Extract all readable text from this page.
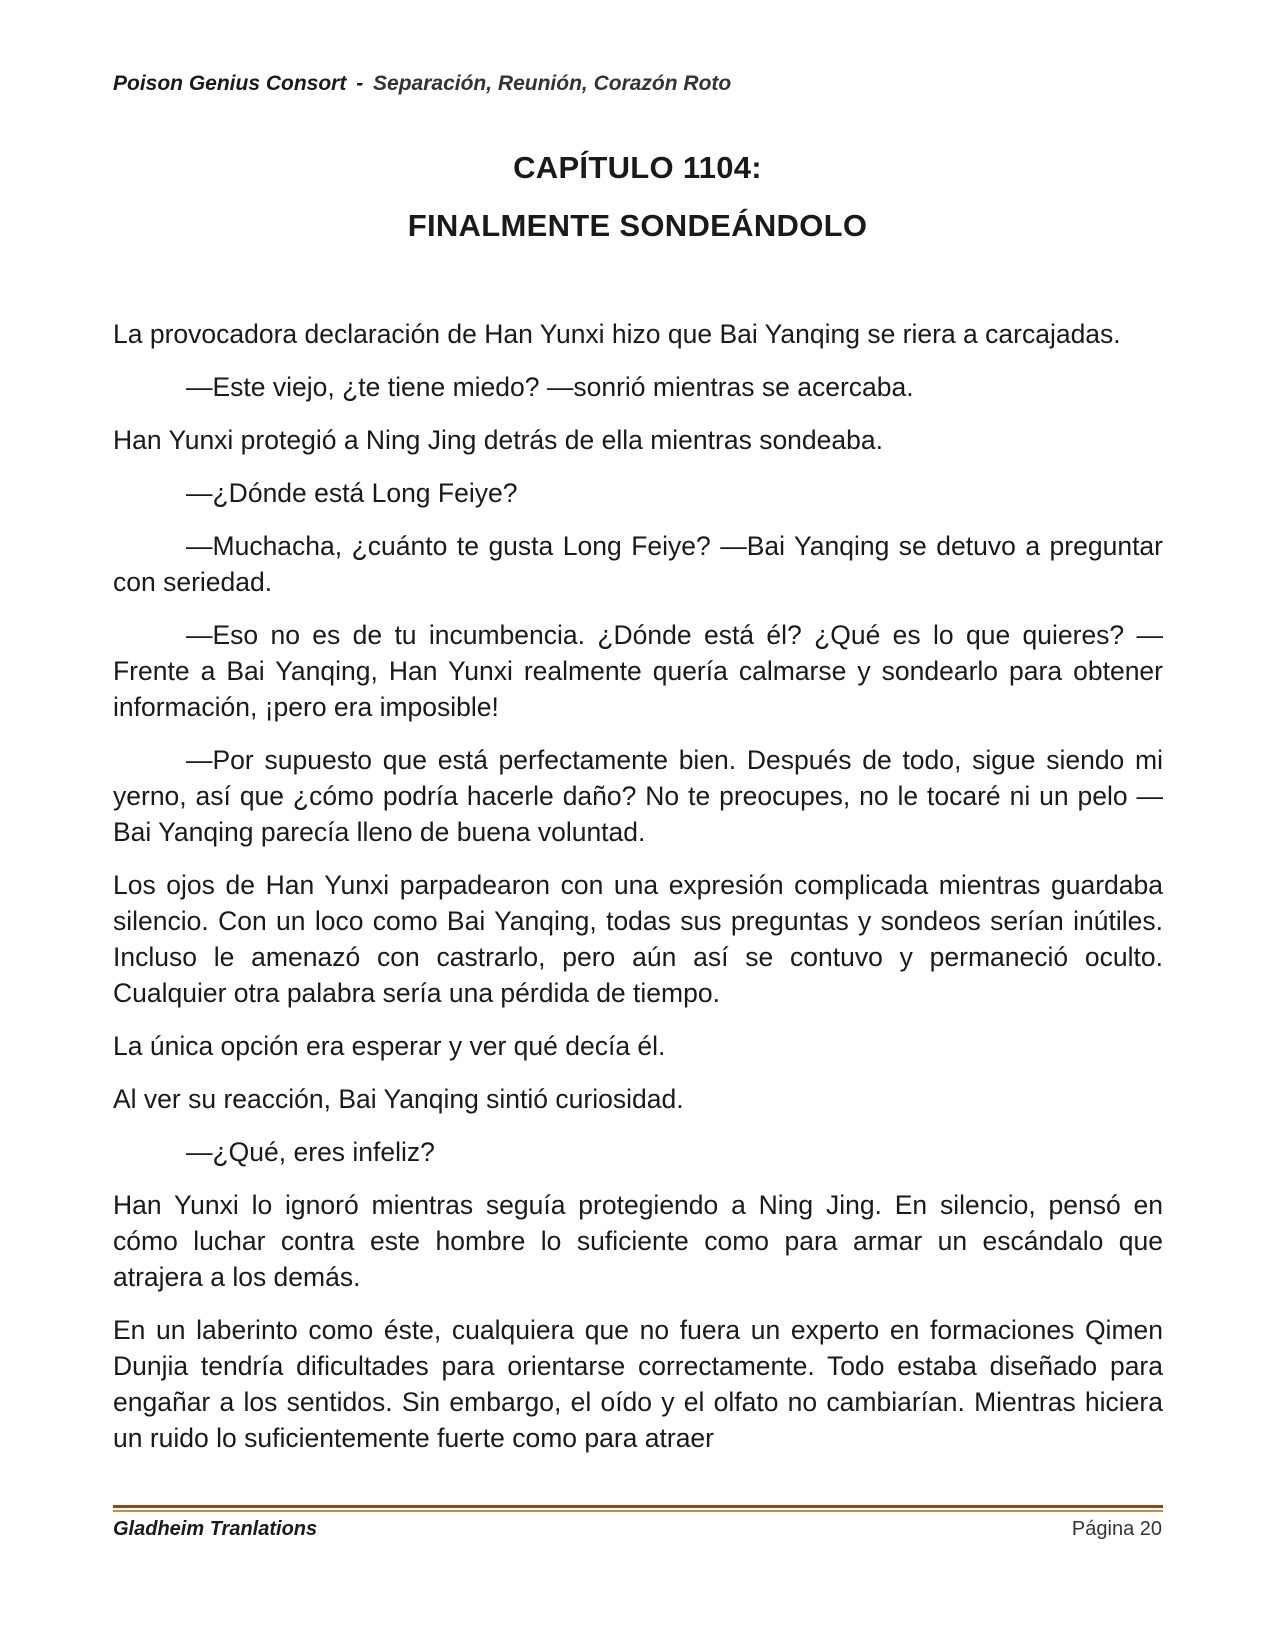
Poison Genius Consort - Separación, Reunión, Corazón Roto
CAPÍTULO 1104:
FINALMENTE SONDEÁNDOLO

La provocadora declaración de Han Yunxi hizo que Bai Yanqing se riera a carcajadas.

—Este viejo, ¿te tiene miedo? —sonrió mientras se acercaba.

Han Yunxi protegió a Ning Jing detrás de ella mientras sondeaba.

—¿Dónde está Long Feiye?

—Muchacha, ¿cuánto te gusta Long Feiye? —Bai Yanqing se detuvo a preguntar con seriedad.

—Eso no es de tu incumbencia. ¿Dónde está él? ¿Qué es lo que quieres? —Frente a Bai Yanqing, Han Yunxi realmente quería calmarse y sondearlo para obtener información, ¡pero era imposible!

—Por supuesto que está perfectamente bien. Después de todo, sigue siendo mi yerno, así que ¿cómo podría hacerle daño? No te preocupes, no le tocaré ni un pelo —Bai Yanqing parecía lleno de buena voluntad.

Los ojos de Han Yunxi parpadearon con una expresión complicada mientras guardaba silencio. Con un loco como Bai Yanqing, todas sus preguntas y sondeos serían inútiles. Incluso le amenazó con castrarlo, pero aún así se contuvo y permaneció oculto. Cualquier otra palabra sería una pérdida de tiempo.

La única opción era esperar y ver qué decía él.

Al ver su reacción, Bai Yanqing sintió curiosidad.

—¿Qué, eres infeliz?

Han Yunxi lo ignoró mientras seguía protegiendo a Ning Jing. En silencio, pensó en cómo luchar contra este hombre lo suficiente como para armar un escándalo que atrajera a los demás.

En un laberinto como éste, cualquiera que no fuera un experto en formaciones Qimen Dunjia tendría dificultades para orientarse correctamente. Todo estaba diseñado para engañar a los sentidos. Sin embargo, el oído y el olfato no cambiarían. Mientras hiciera un ruido lo suficientemente fuerte como para atraer

Gladheim Tranlations	Página 20
